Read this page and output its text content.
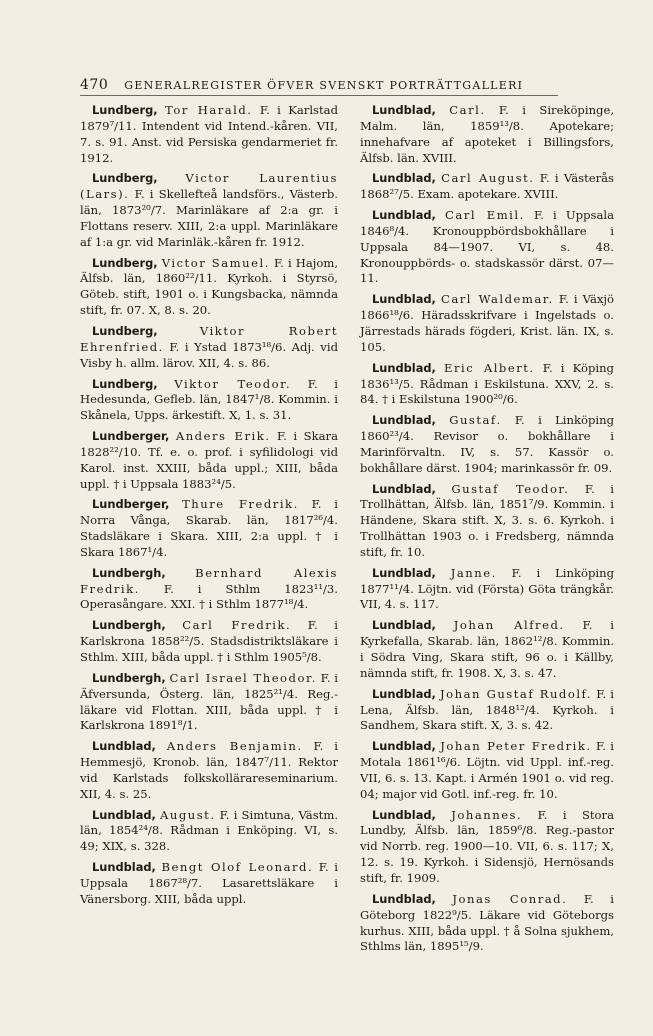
470 GENERALREGISTER ÖFVER SVENSKT PORTRÄTTGALLERI
Lundberg, Tor Harald. F. i Karlstad 1879⁷/11. Intendent vid Intend.-kåren. VII, 7. s. 91. Anst. vid Persiska gendarmeriet fr. 1912.
Lundberg, Victor Laurentius (Lars). F. i Skellefteå landsförs., Västerb. län, 1873²⁰/7. Marinläkare af 2:a gr. i Flottans reserv. XIII, 2:a uppl. Marinläkare af 1:a gr. vid Marinläk.-kåren fr. 1912.
Lundberg, Victor Samuel. F. i Hajom, Älfsb. län, 1860²²/11. Kyrkoh. i Styrsö, Göteb. stift, 1901 o. i Kungsbacka, nämnda stift, fr. 07. X, 8. s. 20.
Lundberg,	Viktor Robert Ehrenfried. F. i Ystad 1873¹⁸/6. Adj. vid Visby h. allm. lärov. XII, 4. s. 86.
Lundberg, Viktor Teodor. F. i Hedesunda, Gefleb. län, 1847¹/8. Kommin. i Skånela, Upps. ärkestift. X, 1. s. 31.
Lundberger, Anders Erik. F. i Skara 1828²²/10. Tf. e. o. prof. i syfilidologi vid Karol. inst. XXIII, båda uppl.; XIII, båda uppl. † i Uppsala 1883²⁴/5.
Lundberger, Thure Fredrik. F. i Norra Vånga, Skarab. län, 1817²⁶/4. Stadsläkare i Skara. XIII, 2:a uppl. † i Skara 1867¹/4.
Lundbergh,	Bernhard Alexis Fredrik. F. i Sthlm 1823¹¹/3. Operasångare. XXI. † i Sthlm 1877¹⁸/4.
Lundbergh, Carl Fredrik. F. i Karlskrona 1858²²/5. Stadsdistriktsläkare i Sthlm. XIII, båda uppl. † i Sthlm 1905⁵/8.
Lundbergh, Carl Israel Theodor. F. i Äfversunda, Österg. län, 1825²¹/4. Reg.-läkare vid Flottan. XIII, båda uppl. † i Karlskrona 1891⁸/1.
Lundblad, Anders Benjamin. F. i Hemmesjö, Kronob. län, 1847⁷/11. Rektor vid Karlstads folkskollärareseminarium. XII, 4. s. 25.
Lundblad, August. F. i Simtuna, Västm. län, 1854²⁴/8. Rådman i Enköping. VI, s. 49; XIX, s. 328.
Lundblad, Bengt Olof Leonard. F. i Uppsala 1867²⁸/7. Lasarettsläkare i Vänersborg. XIII, båda uppl.
Lundblad, Carl. F. i Sireköpinge, Malm. län, 1859¹³/8. Apotekare; innehafvare af apoteket i Billingsfors, Älfsb. län. XVIII.
Lundblad, Carl August. F. i Västerås 1868²⁷/5. Exam. apotekare. XVIII.
Lundblad, Carl Emil. F. i Uppsala 1846⁸/4. Kronouppbördsbokhållare i Uppsala 84—1907. VI, s. 48. Kronouppbörds- o. stadskassör därst. 07—11.
Lundblad, Carl Waldemar. F. i Växjö 1866¹⁸/6. Häradsskrifvare i Ingelstads o. Järrestads härads fögderi, Krist. län. IX, s. 105.
Lundblad, Eric Albert. F. i Köping 1836¹³/5. Rådman i Eskilstuna. XXV, 2. s. 84. † i Eskilstuna 1900²⁰/6.
Lundblad, Gustaf. F. i Linköping 1860²³/4. Revisor o. bokhållare i Marinförvaltn. IV, s. 57. Kassör o. bokhållare därst. 1904; marinkassör fr. 09.
Lundblad, Gustaf Teodor. F. i Trollhättan, Älfsb. län, 1851⁷/9. Kommin. i Händene, Skara stift. X, 3. s. 6. Kyrkoh. i Trollhättan 1903 o. i Fredsberg, nämnda stift, fr. 10.
Lundblad, Janne. F. i Linköping 1877¹¹/4. Löjtn. vid (Första) Göta trängkår. VII, 4. s. 117.
Lundblad, Johan Alfred. F. i Kyrkefalla, Skarab. län, 1862¹²/8. Kommin. i Södra Ving, Skara stift, 96 o. i Källby, nämnda stift, fr. 1908. X, 3. s. 47.
Lundblad, Johan Gustaf Rudolf. F. i Lena, Älfsb. län, 1848¹²/4. Kyrkoh. i Sandhem, Skara stift. X, 3. s. 42.
Lundblad, Johan Peter Fredrik. F. i Motala 1861¹⁶/6. Löjtn. vid Uppl. inf.-reg. VII, 6. s. 13. Kapt. i Armén 1901 o. vid reg. 04; major vid Gotl. inf.-reg. fr. 10.
Lundblad, Johannes. F. i Stora Lundby, Älfsb. län, 1859⁶/8. Reg.-pastor vid Norrb. reg. 1900—10. VII, 6. s. 117; X, 12. s. 19. Kyrkoh. i Sidensjö, Hernösands stift, fr. 1909.
Lundblad, Jonas Conrad. F. i Göteborg 1822⁹/5. Läkare vid Göteborgs kurhus. XIII, båda uppl. † å Solna sjukhem, Sthlms län, 1895¹⁵/9.
